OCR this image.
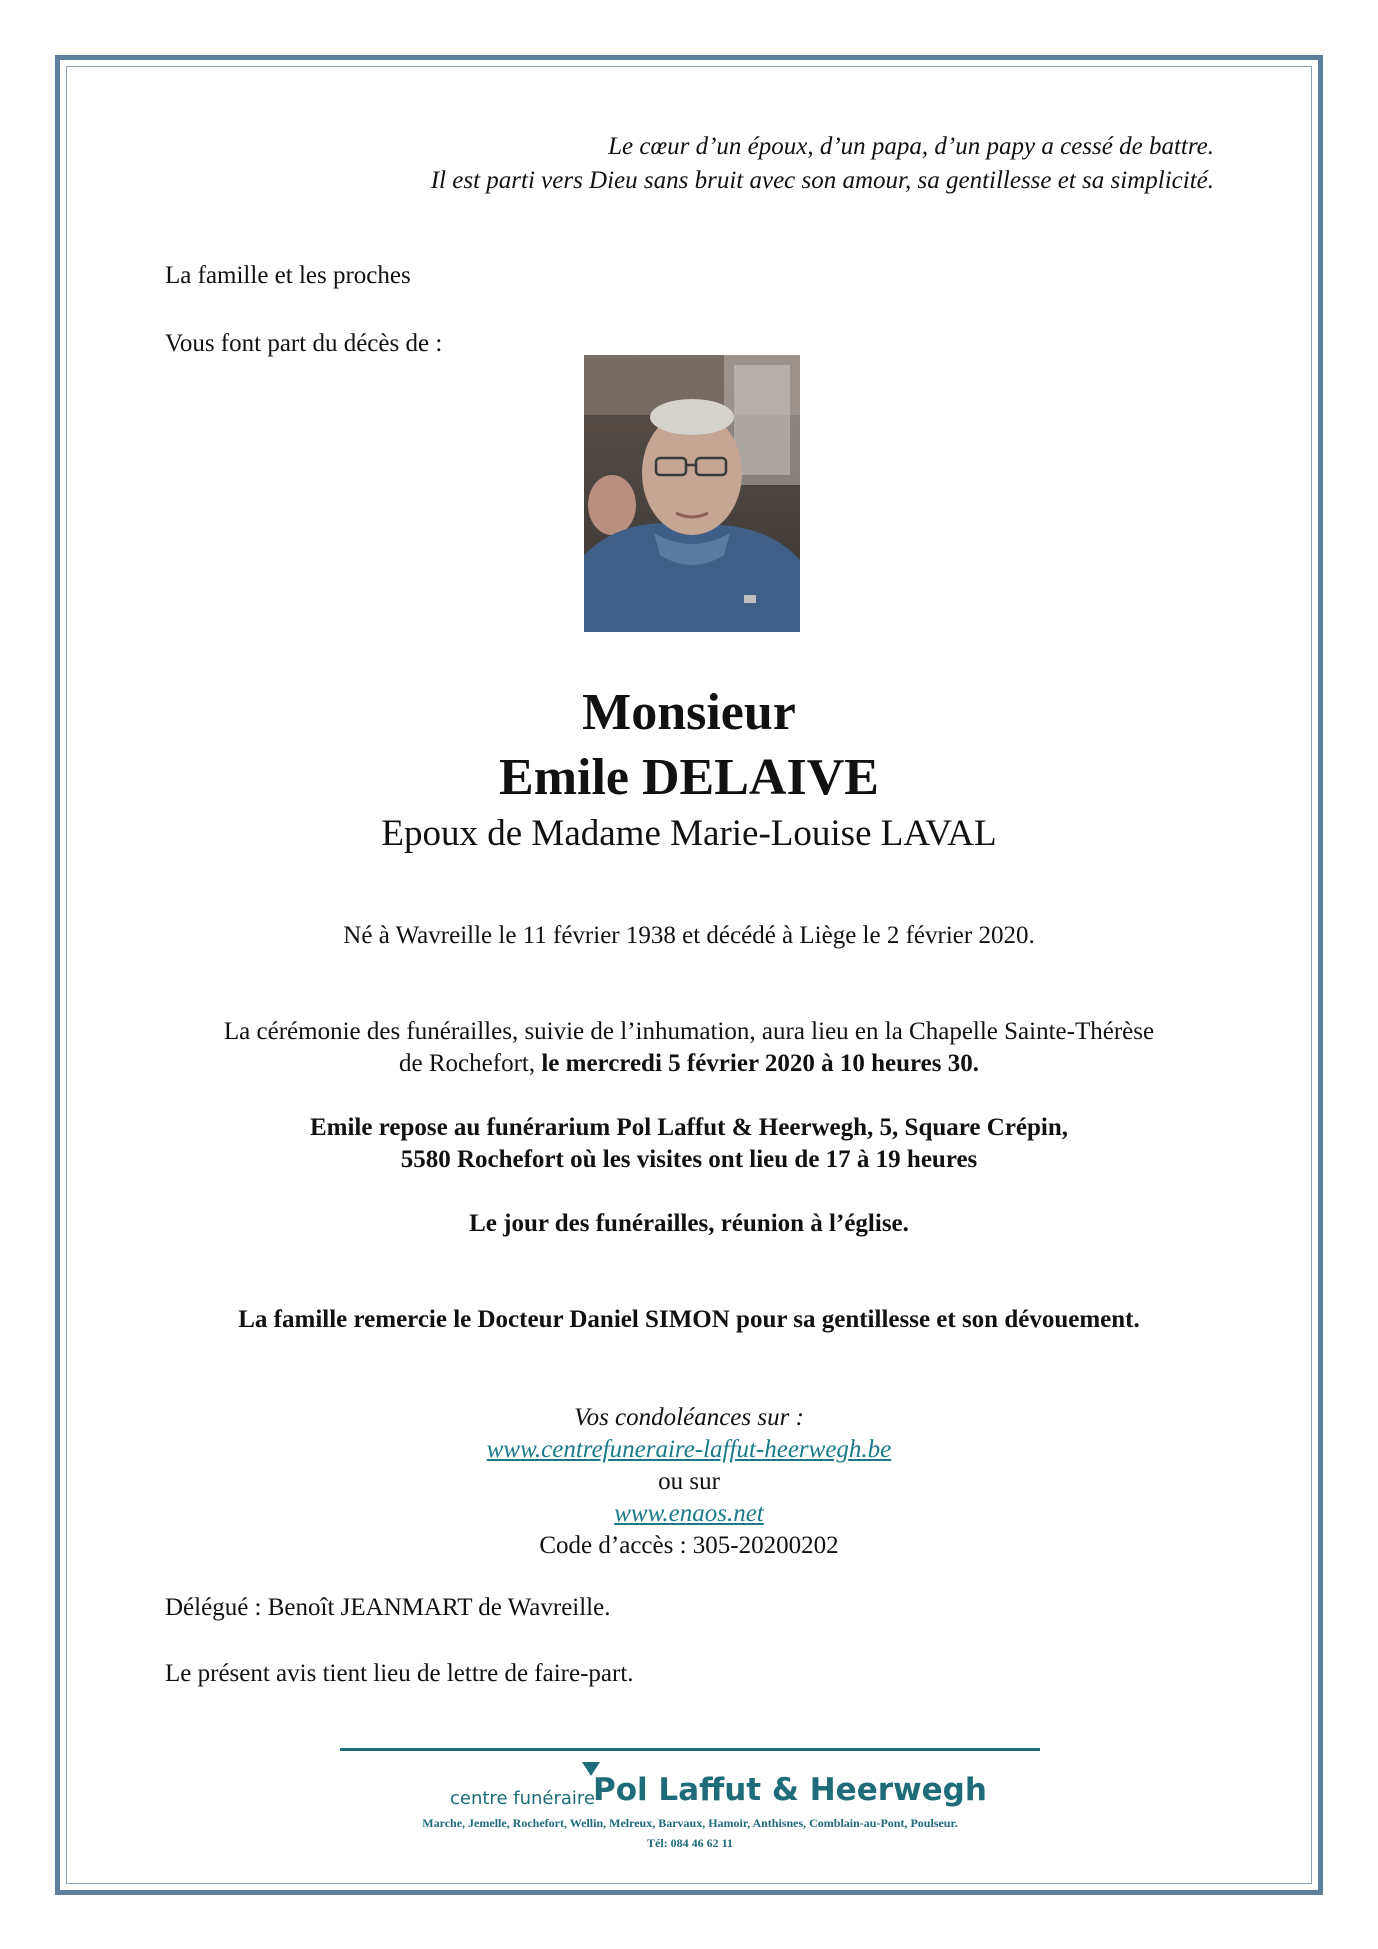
Le cœur d’un époux, d’un papa, d’un papy a cessé de battre.
Il est parti vers Dieu sans bruit avec son amour, sa gentillesse et sa simplicité.
La famille et les proches
Vous font part du décès de :
Monsieur
Emile DELAIVE
Epoux de Madame Marie-Louise LAVAL
Né à Wavreille le 11 février 1938 et décédé à Liège le 2 février 2020.
La cérémonie des funérailles, suivie de l’inhumation, aura lieu en la Chapelle Sainte-Thérèse
de Rochefort, le mercredi 5 février 2020 à 10 heures 30.
Emile repose au funérarium Pol Laffut & Heerwegh, 5, Square Crépin,
5580 Rochefort où les visites ont lieu de 17 à 19 heures
Le jour des funérailles, réunion à l’église.
La famille remercie le Docteur Daniel SIMON pour sa gentillesse et son dévouement.
Vos condoléances sur :
www.centrefuneraire-laffut-heerwegh.be
ou sur
www.enaos.net
Code d’accès : 305-20200202
Délégué : Benoît JEANMART de Wavreille.
Le présent avis tient lieu de lettre de faire-part.
centre funéraire
Pol Laffut & Heerwegh
Marche, Jemelle, Rochefort, Wellin, Melreux, Barvaux, Hamoir, Anthisnes, Comblain-au-Pont, Poulseur.
Tél: 084 46 62 11
